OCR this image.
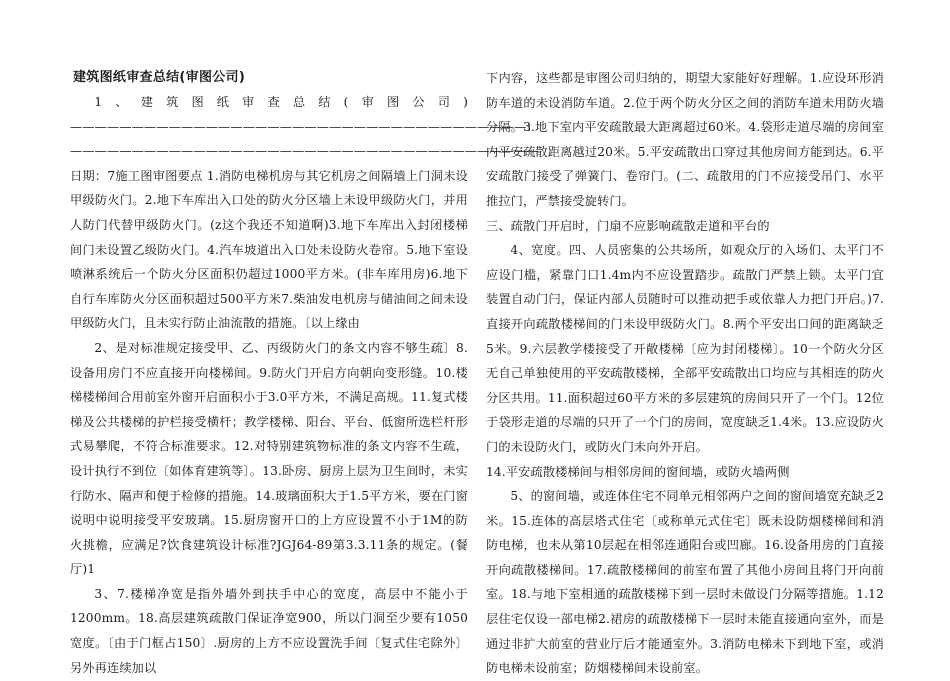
建筑图纸审查总结(审图公司)

1、建筑图纸审查总结(审图公司)—————————————————————————————————————：——————————————————————————————————————日期：7施工图审图要点 1.消防电梯机房与其它机房之间隔墙上门洞未设甲级防火门。2.地下车库出入口处的防火分区墙上未设甲级防火门，并用人防门代替甲级防火门。(z这个我还不知道啊)3.地下车库出入封闭楼梯间门未设置乙级防火门。4.汽车坡道出入口处未设防火卷帘。5.地下室设喷淋系统后一个防火分区面积仍超过1000平方米。(非车库用房)6.地下自行车库防火分区面积超过500平方米7.柴油发电机房与储油间之间未设甲级防火门，且未实行防止油流散的措施。〔以上缘由

2、是对标准规定接受甲、乙、丙级防火门的条文内容不够生疏〕8.设备用房门不应直接开向楼梯间。9.防火门开启方向朝向变形缝。10.楼梯楼梯间合用前室外窗开启面积小于3.0平方米，不满足高规。11.复式楼梯及公共楼梯的护栏接受横杆；教学楼梯、阳台、平台、低窗所选栏杆形式易攀爬，不符合标准要求。12.对特别建筑物标准的条文内容不生疏，设计执行不到位〔如体育建筑等〕。13.卧房、厨房上层为卫生间时，未实行防水、隔声和便于检修的措施。14.玻璃面积大于1.5平方米，要在门窗说明中说明接受平安玻璃。15.厨房窗开口的上方应设置不小于1M的防火挑檐，应满足?饮食建筑设计标准?JGJ64-89第3.3.11条的规定。(餐厅)1

3、7.楼梯净宽是指外墙外到扶手中心的宽度，高层中不能小于1200mm。18.高层建筑疏散门保证净宽900，所以门洞至少要有1050宽度。〔由于门框占150〕.厨房的上方不应设置洗手间〔复式住宅除外〕另外再连续加以

下内容，这些都是审图公司归纳的，期望大家能好好理解。1.应设环形消防车道的未设消防车道。2.位于两个防火分区之间的消防车道未用防火墙分隔。3.地下室内平安疏散最大距离超过60米。4.袋形走道尽端的房间室内平安疏散距离越过20米。5.平安疏散出口穿过其他房间方能到达。6.平安疏散门接受了弹簧门、卷帘门。(二、疏散用的门不应接受吊门、水平推拉门，严禁接受旋转门。

三、疏散门开启时，门扇不应影响疏散走道和平台的

4、宽度。四、人员密集的公共场所，如观众厅的入场们、太平门不应设门槛，紧靠门口1.4m内不应设置踏步。疏散门严禁上锁。太平门宜装置自动门闩，保证内部人员随时可以推动把手或依靠人力把门开启。)7.直接开向疏散楼梯间的门未设甲级防火门。8.两个平安出口间的距离缺乏5米。9.六层教学楼接受了开敞楼梯〔应为封闭楼梯〕。10一个防火分区无自己单独使用的平安疏散楼梯，全部平安疏散出口均应与其相连的防火分区共用。11.面积超过60平方米的多层建筑的房间只开了一个门。12位于袋形走道的尽端的只开了一个门的房间，宽度缺乏1.4米。13.应设防火门的未设防火门，或防火门未向外开启。

14.平安疏散楼梯间与相邻房间的窗间墙，或防火墙两侧

5、的窗间墙，或连体住宅不同单元相邻两户之间的窗间墙宽充缺乏2米。15.连体的高层塔式住宅〔或称单元式住宅〕既未设防烟楼梯间和消防电梯，也未从第10层起在相邻连通阳台或凹廊。16.设备用房的门直接开向疏散楼梯间。17.疏散楼梯间的前室布置了其他小房间且将门开向前室。18.与地下室相通的疏散楼梯下到一层时未做设门分隔等措施。1.12层住宅仅设一部电梯2.裙房的疏散楼梯下一层时未能直接通向室外，而是通过非扩大前室的营业厅后才能通室外。3.消防电梯未下到地下室，或消防电梯未设前室；防烟楼梯间未设前室。
